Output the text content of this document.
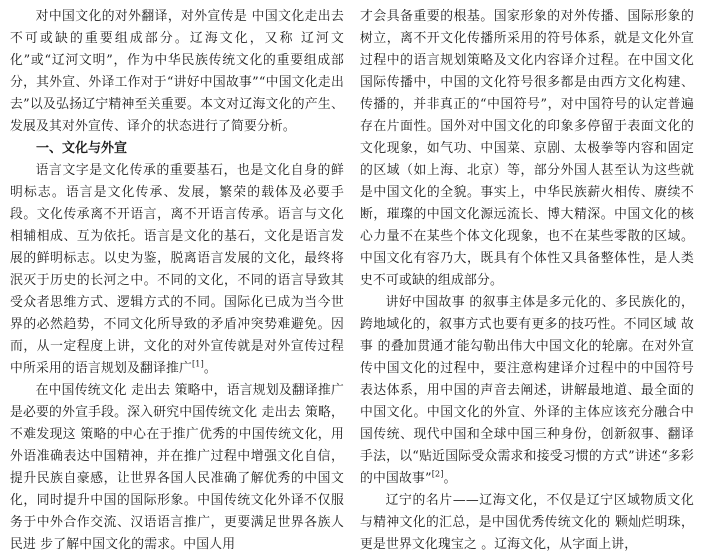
对中国文化的对外翻译，对外宣传是 中国文化走出去 不可或缺的重要组成部分。辽海文化，又称 辽河文化”或“辽河文明”，作为中华民族传统文化的重要组成部分，其外宣、外译工作对于“讲好中国故事”“中国文化走出去”以及弘扬辽宁精神至关重要。本文对辽海文化的产生、发展及其对外宣传、译介的状态进行了简要分析。

一、文化与外宣

语言文字是文化传承的重要基石，也是文化自身的鲜明标志。语言是文化传承、发展，繁荣的载体及必要手段。文化传承离不开语言，离不开语言传承。语言与文化相辅相成、互为依托。语言是文化的基石，文化是语言发展的鲜明标志。以史为鉴，脱离语言发展的文化，最终将泯灭于历史的长河之中。不同的文化，不同的语言导致其受众者思维方式、逻辑方式的不同。国际化已成为当今世界的必然趋势，不同文化所导致的矛盾冲突势难避免。因而，从一定程度上讲，文化的对外宣传就是对外宣传过程中所采用的语言规划及翻译推广[1]。

在中国传统文化 走出去 策略中，语言规划及翻译推广是必要的外宣手段。深入研究中国传统文化 走出去 策略，不难发现这 策略的中心在于推广优秀的中国传统文化，用外语准确表达中国精神，并在推广过程中增强文化自信，提升民族自豪感，让世界各国人民准确了解优秀的中国文化，同时提升中国的国际形象。中国传统文化外译不仅服务于中外合作交流、汉语语言推广，更要满足世界各族人民进 步了解中国文化的需求。中国人用

才会具备重要的根基。国家形象的对外传播、国际形象的树立，离不开文化传播所采用的符号体系，就是文化外宣过程中的语言规划策略及文化内容译介过程。在中国文化国际传播中，中国的文化符号很多都是由西方文化构建、传播的，并非真正的“中国符号”，对中国符号的认定普遍存在片面性。国外对中国文化的印象多停留于表面文化的文化现象，如气功、中国菜、京剧、太极拳等内容和固定的区域（如上海、北京）等，部分外国人甚至认为这些就是中国文化的全貌。事实上，中华民族薪火相传、赓续不断，璀璨的中国文化源远流长、博大精深。中国文化的核心力量不在某些个体文化现象，也不在某些零散的区域。中国文化有容乃大，既具有个体性又具备整体性，是人类史不可或缺的组成部分。

讲好中国故事 的叙事主体是多元化的、多民族化的，跨地域化的，叙事方式也要有更多的技巧性。不同区域 故事 的叠加贯通才能勾勒出伟大中国文化的轮廓。在对外宣传中国文化的过程中，要注意构建译介过程中的中国符号 表达体系，用中国的声音去阐述，讲解最地道、最全面的中国文化。中国文化的外宣、外译的主体应该充分融合中国传统、现代中国和全球中国三种身份，创新叙事、翻译手法，以“贴近国际受众需求和接受习惯的方式”讲述“多彩的中国故事”[2]。

辽宁的名片——辽海文化，不仅是辽宁区域物质文化与精神文化的汇总，是中国优秀传统文化的 颗灿烂明珠，更是世界文化瑰宝之 。辽海文化，从字面上讲，
